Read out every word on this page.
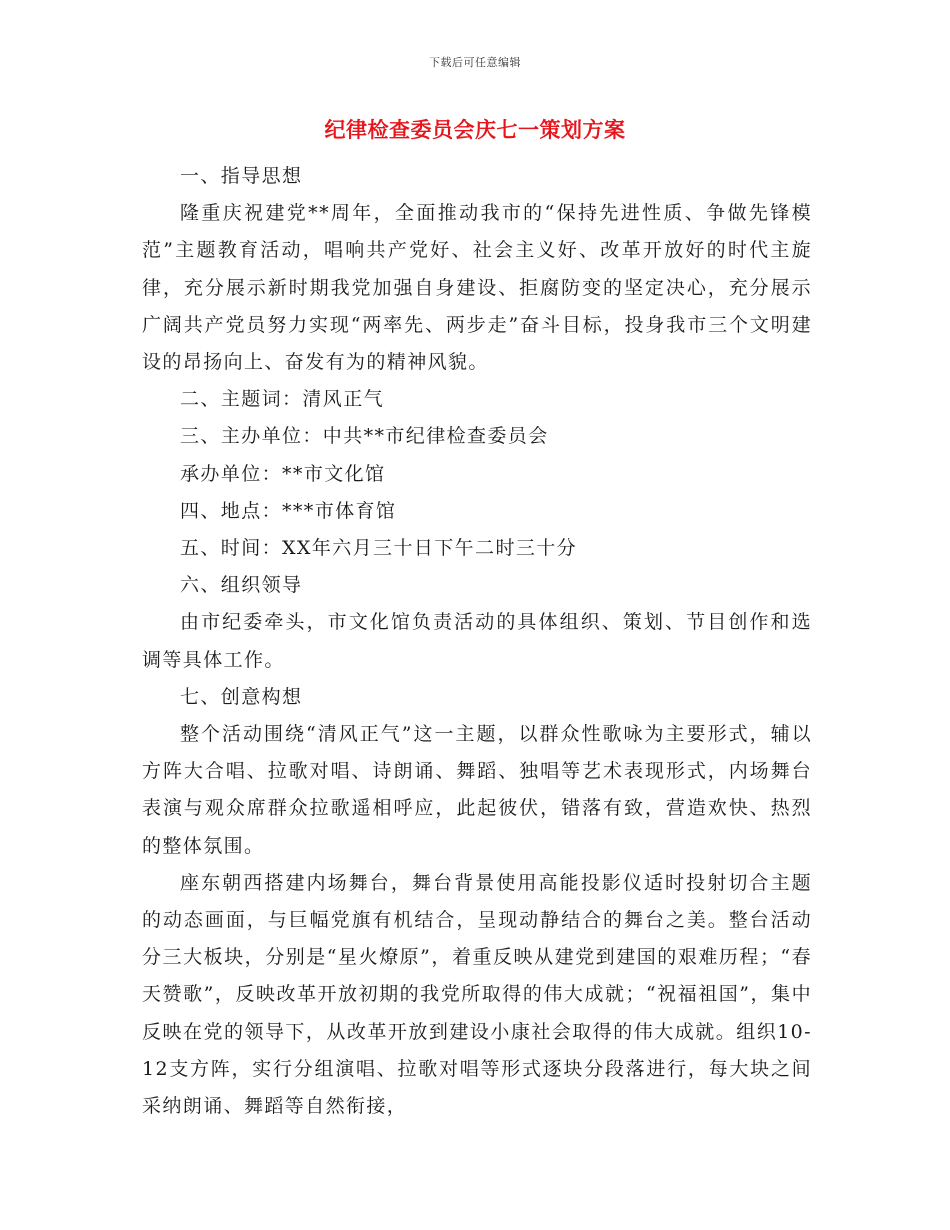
下载后可任意编辑
纪律检查委员会庆七一策划方案

一、指导思想

隆重庆祝建党**周年，全面推动我市的“保持先进性质、争做先锋模范”主题教育活动，唱响共产党好、社会主义好、改革开放好的时代主旋律，充分展示新时期我党加强自身建设、拒腐防变的坚定决心，充分展示广阔共产党员努力实现“两率先、两步走”奋斗目标，投身我市三个文明建设的昂扬向上、奋发有为的精神风貌。

二、主题词：清风正气

三、主办单位：中共**市纪律检查委员会

承办单位：**市文化馆

四、地点：***市体育馆

五、时间：XX年六月三十日下午二时三十分

六、组织领导

由市纪委牵头，市文化馆负责活动的具体组织、策划、节目创作和选调等具体工作。

七、创意构想

整个活动围绕“清风正气”这一主题，以群众性歌咏为主要形式，辅以方阵大合唱、拉歌对唱、诗朗诵、舞蹈、独唱等艺术表现形式，内场舞台表演与观众席群众拉歌遥相呼应，此起彼伏，错落有致，营造欢快、热烈的整体氛围。

座东朝西搭建内场舞台，舞台背景使用高能投影仪适时投射切合主题的动态画面，与巨幅党旗有机结合，呈现动静结合的舞台之美。整台活动分三大板块，分别是“星火燎原”，着重反映从建党到建国的艰难历程；“春天赞歌”，反映改革开放初期的我党所取得的伟大成就；“祝福祖国”，集中反映在党的领导下，从改革开放到建设小康社会取得的伟大成就。组织10-12支方阵，实行分组演唱、拉歌对唱等形式逐块分段落进行，每大块之间采纳朗诵、舞蹈等自然衔接，
